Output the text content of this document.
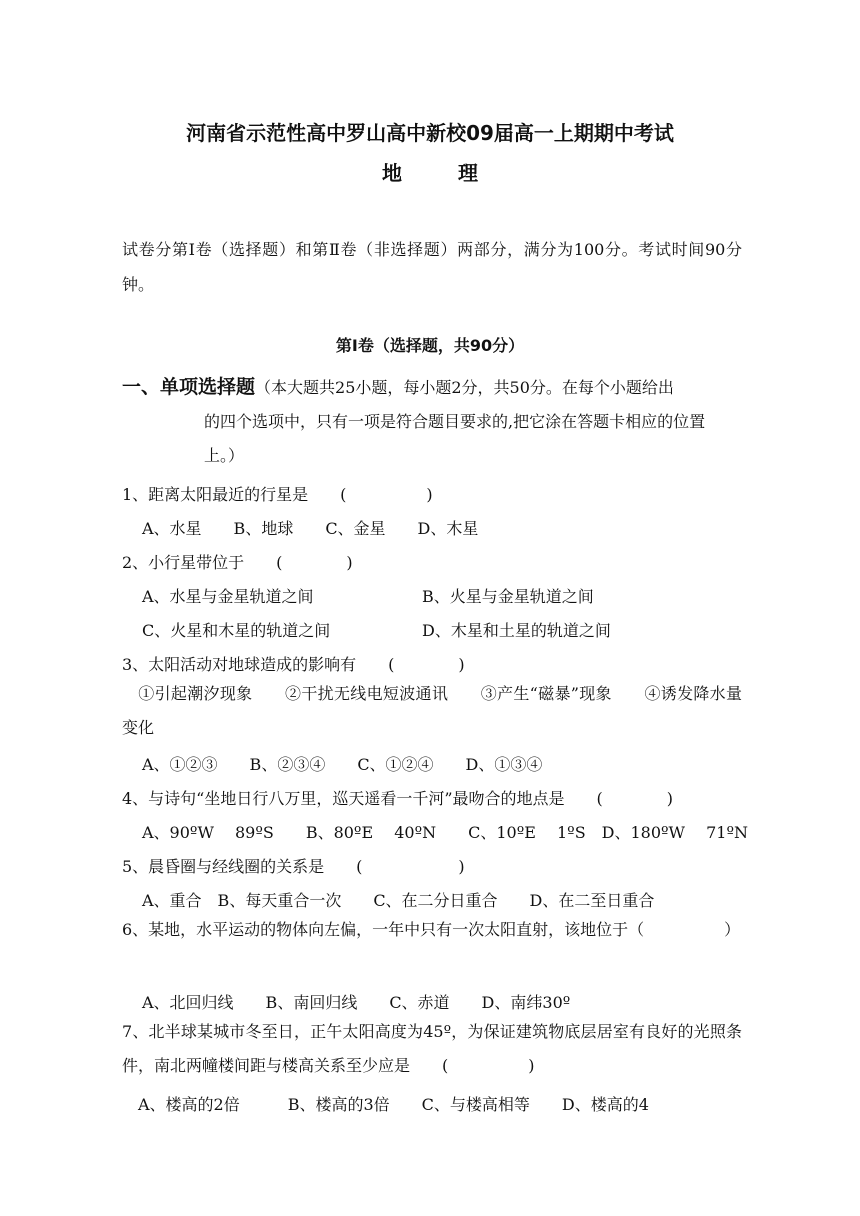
河南省示范性高中罗山高中新校09届高一上期期中考试
地	理
试卷分第Ⅰ卷（选择题）和第Ⅱ卷（非选择题）两部分，满分为100分。考试时间90分钟。
第Ⅰ卷（选择题，共90分）
一、单项选择题（本大题共25小题，每小题2分，共50分。在每个小题给出
的四个选项中，只有一项是符合题目要求的,把它涂在答题卡相应的位置
上。）
1、距离太阳最近的行星是　　(　　　　　)
A、水星　　B、地球　　C、金星　　D、木星
2、小行星带位于　　(　　　　)
A、水星与金星轨道之间	B、火星与金星轨道之间
C、火星和木星的轨道之间	D、木星和土星的轨道之间
3、太阳活动对地球造成的影响有　　(　　　　)
　①引起潮汐现象　　②干扰无线电短波通讯　　③产生“磁暴”现象　　④诱发降水量变化
A、①②③　　B、②③④　　C、①②④　　D、①③④
4、与诗句“坐地日行八万里，巡天遥看一千河”最吻合的地点是　　(　　　　)
A、90ºW　 89ºS　　B、80ºE　 40ºN　　C、10ºE　 1ºS　D、180ºW　 71ºN
5、晨昏圈与经线圈的关系是　　(　　　　　　)
A、重合　B、每天重合一次　　C、在二分日重合　　D、在二至日重合
6、某地，水平运动的物体向左偏，一年中只有一次太阳直射，该地位于（　　　　　）
A、北回归线　　B、南回归线　　C、赤道　　D、南纬30º
7、北半球某城市冬至日，正午太阳高度为45º，为保证建筑物底层居室有良好的光照条件，南北两幢楼间距与楼高关系至少应是　　(　　　　　)
A、楼高的2倍　　　B、楼高的3倍　　C、与楼高相等　　D、楼高的4
